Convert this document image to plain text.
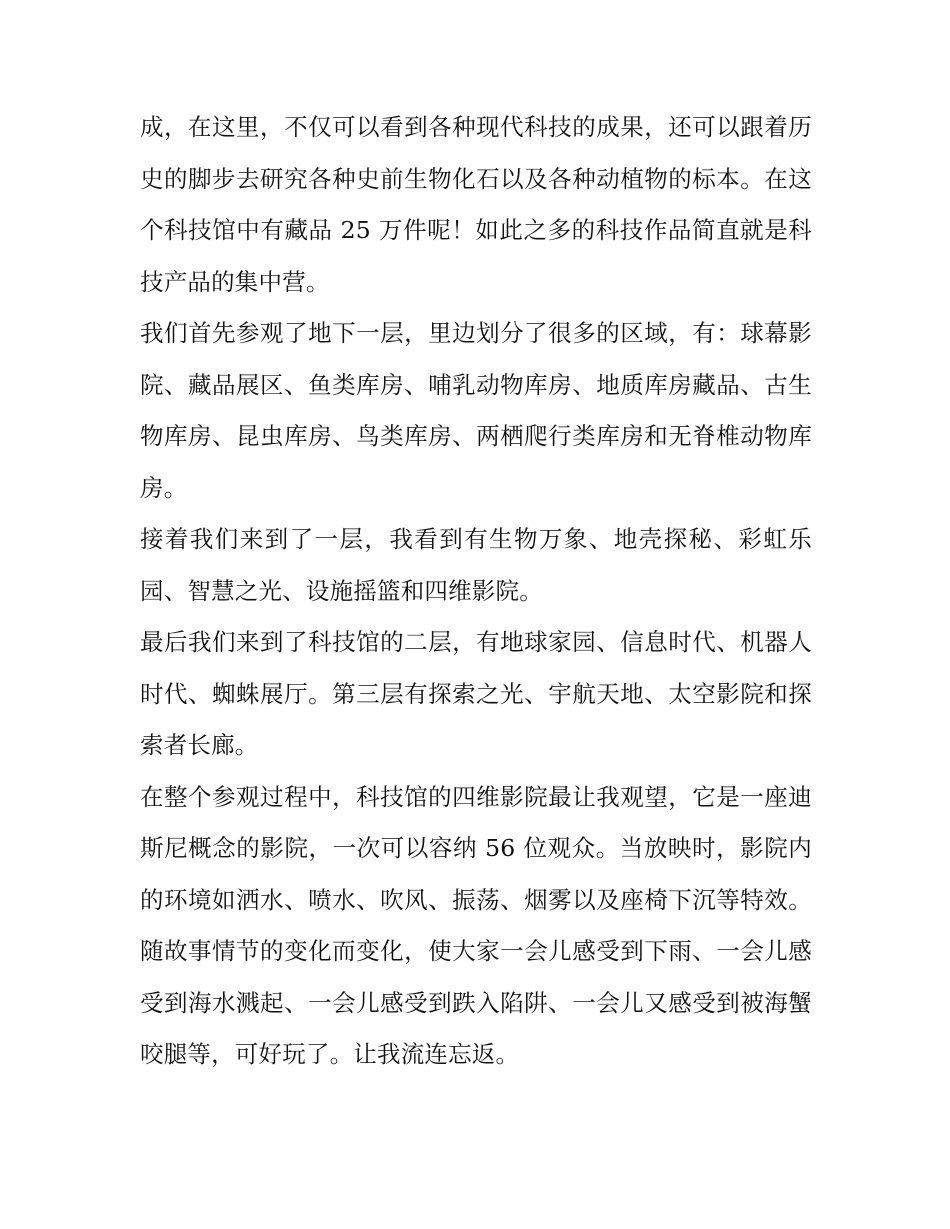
成，在这里，不仅可以看到各种现代科技的成果，还可以跟着历史的脚步去研究各种史前生物化石以及各种动植物的标本。在这个科技馆中有藏品 25 万件呢！如此之多的科技作品简直就是科技产品的集中营。

我们首先参观了地下一层，里边划分了很多的区域，有：球幕影院、藏品展区、鱼类库房、哺乳动物库房、地质库房藏品、古生物库房、昆虫库房、鸟类库房、两栖爬行类库房和无脊椎动物库房。

接着我们来到了一层，我看到有生物万象、地壳探秘、彩虹乐园、智慧之光、设施摇篮和四维影院。

最后我们来到了科技馆的二层，有地球家园、信息时代、机器人时代、蜘蛛展厅。第三层有探索之光、宇航天地、太空影院和探索者长廊。

在整个参观过程中，科技馆的四维影院最让我观望，它是一座迪斯尼概念的影院，一次可以容纳 56 位观众。当放映时，影院内的环境如洒水、喷水、吹风、振荡、烟雾以及座椅下沉等特效。随故事情节的变化而变化，使大家一会儿感受到下雨、一会儿感受到海水溅起、一会儿感受到跌入陷阱、一会儿又感受到被海蟹咬腿等，可好玩了。让我流连忘返。
